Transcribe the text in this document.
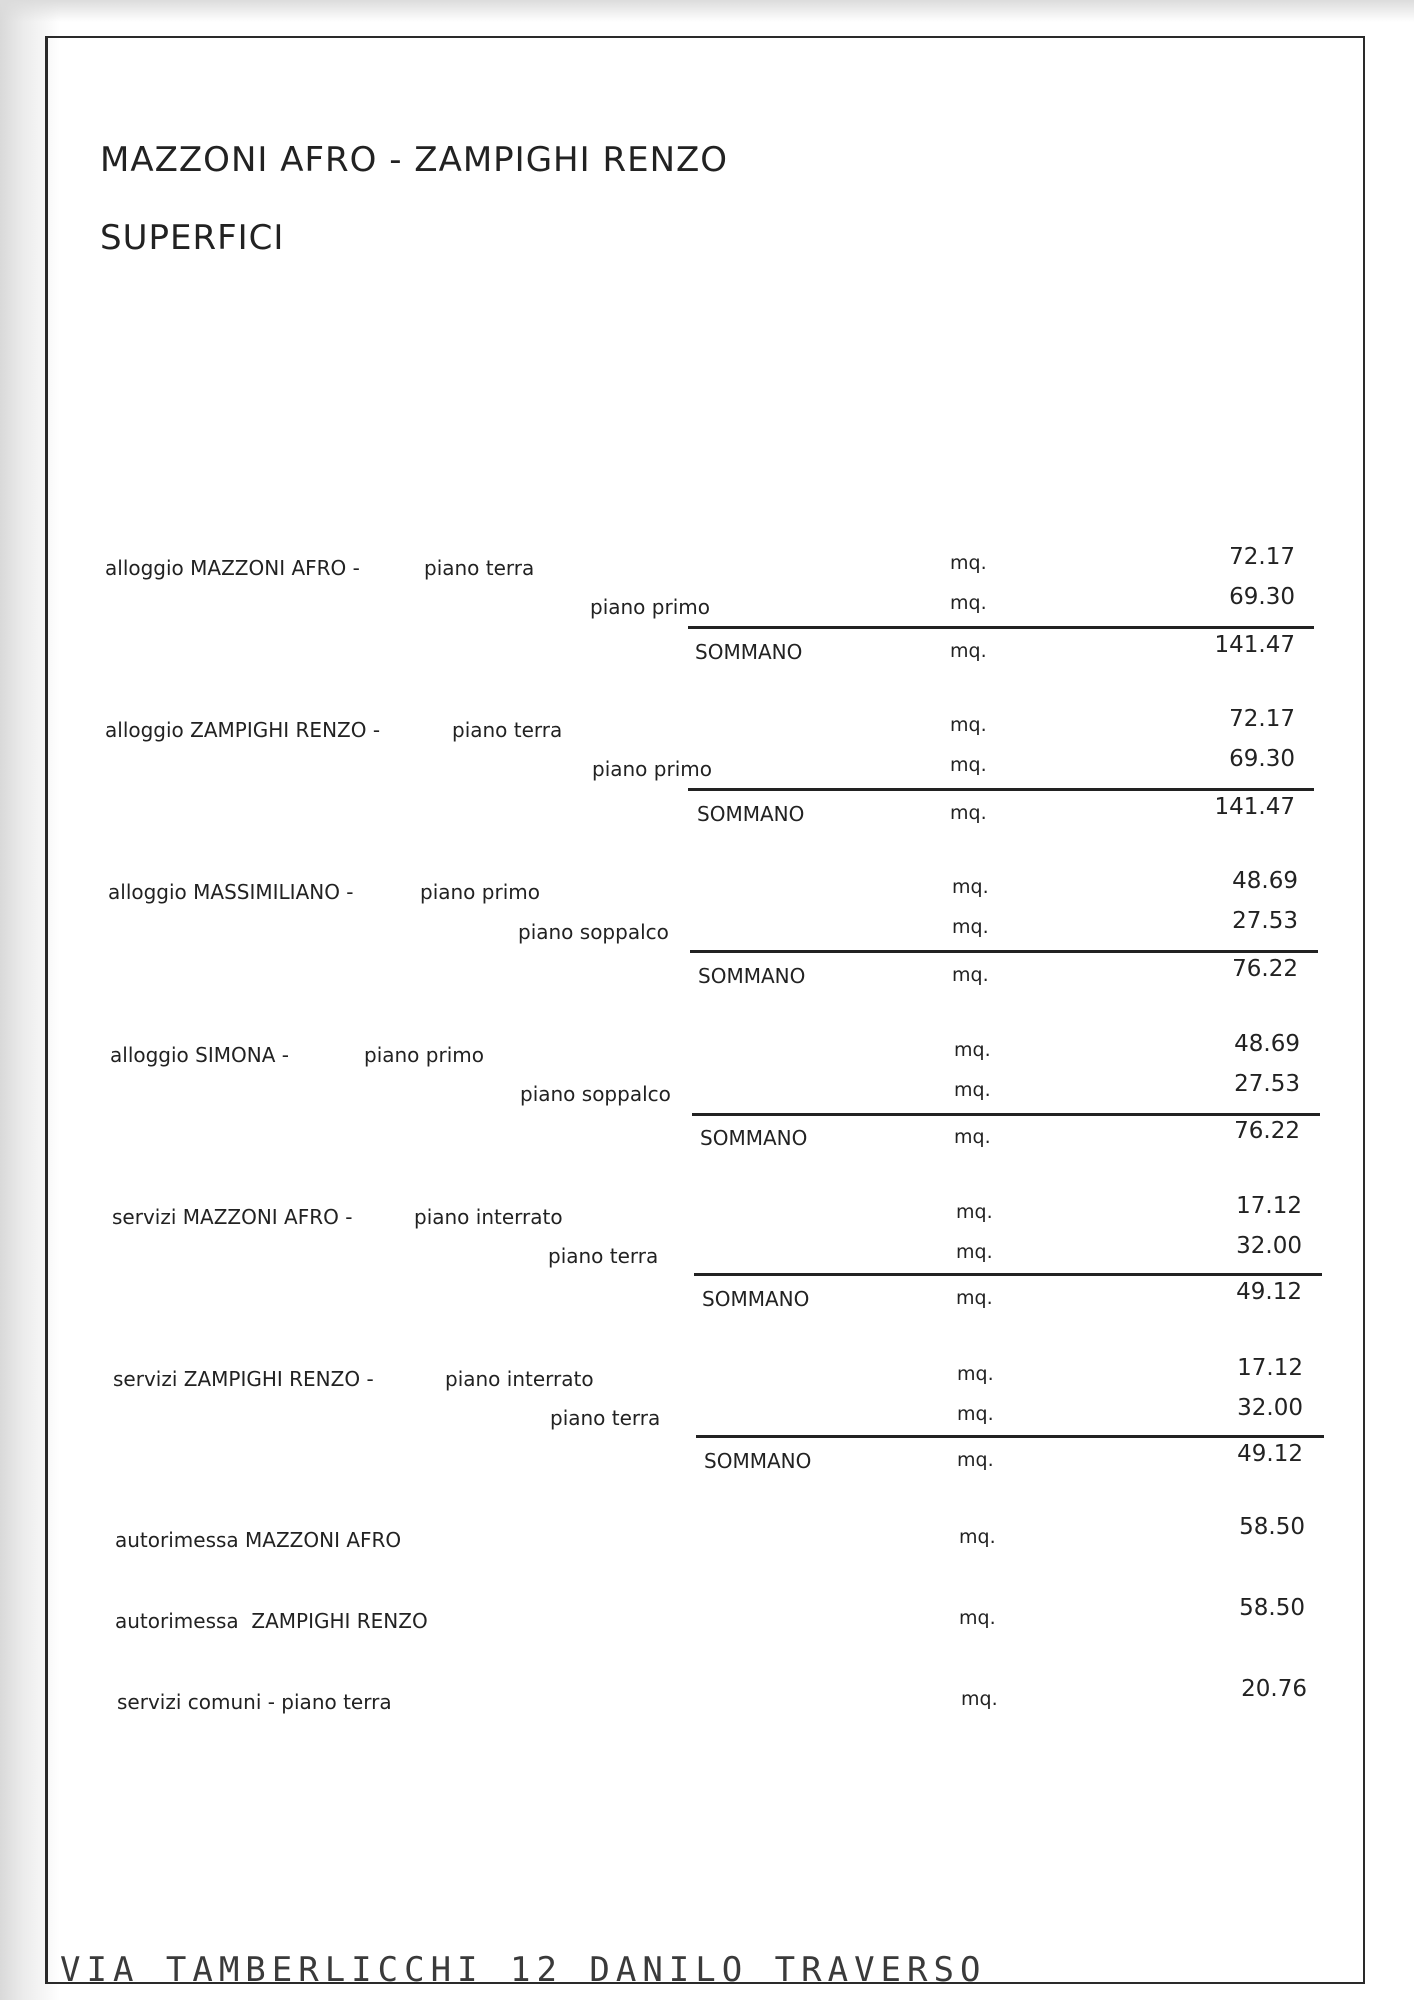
MAZZONI AFRO - ZAMPIGHI RENZO
SUPERFICI
alloggio MAZZONI AFRO -	piano terra	mq.	72.17
piano primo	mq.	69.30
SOMMANO	mq.	141.47
alloggio ZAMPIGHI RENZO -	piano terra	mq.	72.17
piano primo	mq.	69.30
SOMMANO	mq.	141.47
alloggio MASSIMILIANO -	piano primo	mq.	48.69
piano soppalco	mq.	27.53
SOMMANO	mq.	76.22
alloggio SIMONA -	piano primo	mq.	48.69
piano soppalco	mq.	27.53
SOMMANO	mq.	76.22
servizi MAZZONI AFRO -	piano interrato	mq.	17.12
piano terra	mq.	32.00
SOMMANO	mq.	49.12
servizi ZAMPIGHI RENZO -	piano interrato	mq.	17.12
piano terra	mq.	32.00
SOMMANO	mq.	49.12
autorimessa MAZZONI AFRO	mq.	58.50
autorimessa  ZAMPIGHI RENZO	mq.	58.50
servizi comuni - piano terra	mq.	20.76
VIA TAMBERLICCHI 12 DANILO TRAVERSO
